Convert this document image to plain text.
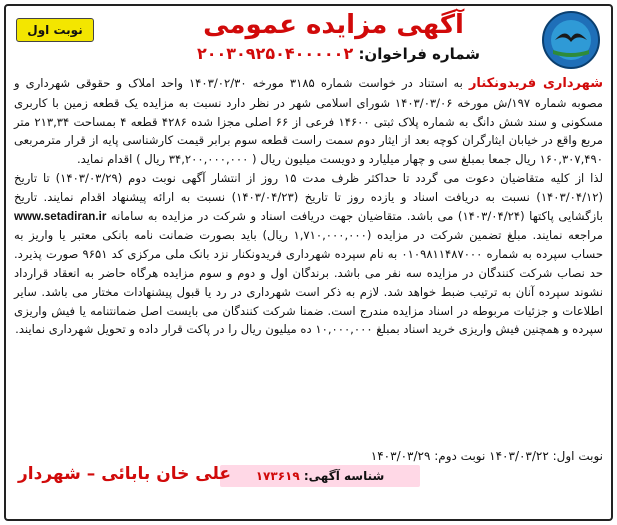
آگهی مزایده عمومی
شماره فراخوان: ۲۰۰۳۰۹۲۵۰۴۰۰۰۰۰۲
نوبت اول

شهرداری فریدونکنار به استناد در خواست شماره ۳۱۸۵ مورخه ۱۴۰۳/۰۲/۳۰ واحد املاک و حقوقی شهرداری و مصوبه شماره ۱۹۷/ش مورخه ۱۴۰۳/۰۳/۰۶ شورای اسلامی شهر در نظر دارد نسبت به مزایده یک قطعه زمین با کاربری مسکونی و سند شش دانگ به شماره پلاک ثبتی ۱۴۶۰۰ فرعی از ۶۶ اصلی مجزا شده ۴۲۸۶ قطعه ۴ بمساحت ۲۱۳,۳۴ متر مربع واقع در خیابان ایثارگران کوچه بعد از ایثار دوم سمت راست قطعه سوم برابر قیمت کارشناسی پایه از قرار مترمربعی ۱۶۰,۳۰۷,۴۹۰ ریال جمعا بمبلغ سی و چهار میلیارد و دویست میلیون ریال ( ۳۴,۲۰۰,۰۰۰,۰۰۰ ریال ) اقدام نماید.

لذا از کلیه متقاضیان دعوت می گردد تا حداکثر ظرف مدت ۱۵ روز از انتشار آگهی نوبت دوم (۱۴۰۳/۰۳/۲۹) تا تاریخ (۱۴۰۳/۰۴/۱۲) نسبت به دریافت اسناد و یازده روز تا تاریخ (۱۴۰۳/۰۴/۲۳) نسبت به ارائه پیشنهاد اقدام نمایند. تاریخ بازگشایی پاکتها (۱۴۰۳/۰۴/۲۴) می باشد. متقاضیان جهت دریافت اسناد و شرکت در مزایده به سامانه www.setadiran.ir مراجعه نمایند. مبلغ تضمین شرکت در مزایده (۱,۷۱۰,۰۰۰,۰۰۰ ریال) باید بصورت ضمانت نامه بانکی معتبر یا واریز به حساب سپرده به شماره ۰۱۰۹۸۱۱۴۸۷۰۰۰ به نام سپرده شهرداری فریدونکنار نزد بانک ملی مرکزی کد ۹۶۵۱ صورت پذیرد. حد نصاب شرکت کنندگان در مزایده سه نفر می باشد. برندگان اول و دوم و سوم مزایده هرگاه حاضر به انعقاد قرارداد نشوند سپرده آنان به ترتیب ضبط خواهد شد. لازم به ذکر است شهرداری در رد یا قبول پیشنهادات مختار می باشد. سایر اطلاعات و جزئیات مربوطه در اسناد مزایده مندرج است. ضمنا شرکت کنندگان می بایست اصل ضمانتنامه یا فیش واریزی سپرده و همچنین فیش واریزی خرید اسناد بمبلغ ۱۰,۰۰۰,۰۰۰ ده میلیون ریال را در پاکت قرار داده و تحویل شهرداری نمایند.

نوبت اول: ۱۴۰۳/۰۳/۲۲ نوبت دوم: ۱۴۰۳/۰۳/۲۹
شناسه آگهی: ۱۷۳۶۱۹
علی خان بابائی – شهردار
